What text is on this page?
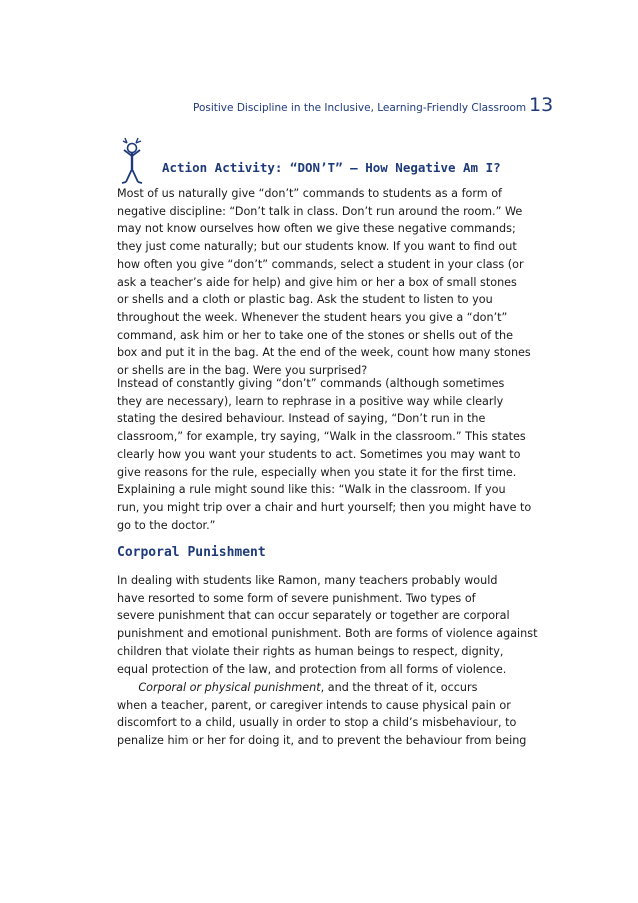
Positive Discipline in the Inclusive, Learning-Friendly Classroom 13
Action Activity: “DON’T” – How Negative Am I?

Most of us naturally give “don’t” commands to students as a form of
negative discipline: “Don’t talk in class. Don’t run around the room.” We
may not know ourselves how often we give these negative commands;
they just come naturally; but our students know. If you want to find out
how often you give “don’t” commands, select a student in your class (or
ask a teacher’s aide for help) and give him or her a box of small stones
or shells and a cloth or plastic bag. Ask the student to listen to you
throughout the week. Whenever the student hears you give a “don’t”
command, ask him or her to take one of the stones or shells out of the
box and put it in the bag. At the end of the week, count how many stones
or shells are in the bag. Were you surprised?

Instead of constantly giving “don’t” commands (although sometimes
they are necessary), learn to rephrase in a positive way while clearly
stating the desired behaviour. Instead of saying, “Don’t run in the
classroom,” for example, try saying, “Walk in the classroom.” This states
clearly how you want your students to act. Sometimes you may want to
give reasons for the rule, especially when you state it for the first time.
Explaining a rule might sound like this: “Walk in the classroom. If you
run, you might trip over a chair and hurt yourself; then you might have to
go to the doctor.”

Corporal Punishment

In dealing with students like Ramon, many teachers probably would
have resorted to some form of severe punishment. Two types of
severe punishment that can occur separately or together are corporal
punishment and emotional punishment. Both are forms of violence against
children that violate their rights as human beings to respect, dignity,
equal protection of the law, and protection from all forms of violence.

Corporal or physical punishment, and the threat of it, occurs
when a teacher, parent, or caregiver intends to cause physical pain or
discomfort to a child, usually in order to stop a child’s misbehaviour, to
penalize him or her for doing it, and to prevent the behaviour from being
